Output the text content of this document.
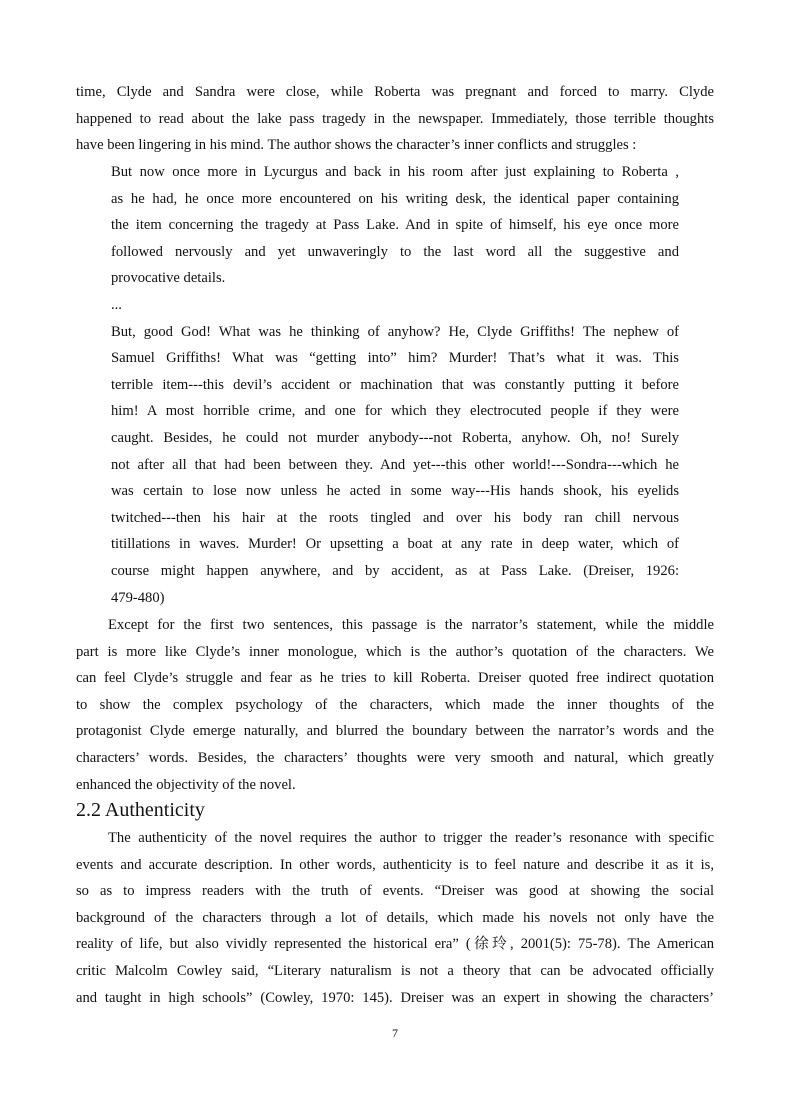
time, Clyde and Sandra were close, while Roberta was pregnant and forced to marry. Clyde
happened to read about the lake pass tragedy in the newspaper. Immediately, those terrible thoughts
have been lingering in his mind. The author shows the character’s inner conflicts and struggles :
But now once more in Lycurgus and back in his room after just explaining to Roberta ,
as he had, he once more encountered on his writing desk, the identical paper containing
the item concerning the tragedy at Pass Lake. And in spite of himself, his eye once more
followed nervously and yet unwaveringly to the last word all the suggestive and
provocative details.
...
But, good God! What was he thinking of anyhow? He, Clyde Griffiths! The nephew of
Samuel Griffiths! What was “getting into” him? Murder! That’s what it was. This
terrible item---this devil’s accident or machination that was constantly putting it before
him! A most horrible crime, and one for which they electrocuted people if they were
caught. Besides, he could not murder anybody---not Roberta, anyhow. Oh, no! Surely
not after all that had been between they. And yet---this other world!---Sondra---which he
was certain to lose now unless he acted in some way---His hands shook, his eyelids
twitched---then his hair at the roots tingled and over his body ran chill nervous
titillations in waves. Murder! Or upsetting a boat at any rate in deep water, which of
course might happen anywhere, and by accident, as at Pass Lake. (Dreiser, 1926:
479-480)
Except for the first two sentences, this passage is the narrator’s statement, while the middle
part is more like Clyde’s inner monologue, which is the author’s quotation of the characters. We
can feel Clyde’s struggle and fear as he tries to kill Roberta. Dreiser quoted free indirect quotation
to show the complex psychology of the characters, which made the inner thoughts of the
protagonist Clyde emerge naturally, and blurred the boundary between the narrator’s words and the
characters’ words. Besides, the characters’ thoughts were very smooth and natural, which greatly
enhanced the objectivity of the novel.
2.2 Authenticity
The authenticity of the novel requires the author to trigger the reader’s resonance with specific
events and accurate description. In other words, authenticity is to feel nature and describe it as it is,
so as to impress readers with the truth of events. “Dreiser was good at showing the social
background of the characters through a lot of details, which made his novels not only have the
reality of life, but also vividly represented the historical era” (徐玲, 2001(5): 75-78). The American
critic Malcolm Cowley said, “Literary naturalism is not a theory that can be advocated officially
and taught in high schools” (Cowley, 1970: 145). Dreiser was an expert in showing the characters’
7
